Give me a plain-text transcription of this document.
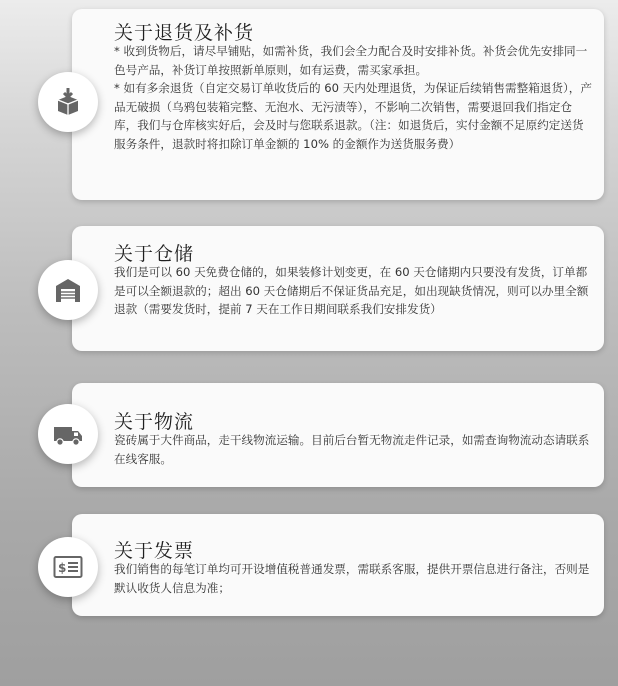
关于退货及补货

* 收到货物后，请尽早铺贴，如需补货，我们会全力配合及时安排补货。补货会优先安排同一色号产品，补货订单按照新单原则，如有运费，需买家承担。

* 如有多余退货（自定交易订单收货后的 60 天内处理退货，为保证后续销售需整箱退货），产品无破损（乌鸦包装箱完整、无泡水、无污渍等），不影响二次销售，需要退回我们指定仓库，我们与仓库核实好后，会及时与您联系退款。（注：如退货后，实付金额不足原约定送货服务条件，退款时将扣除订单金额的 10% 的金额作为送货服务费）

关于仓储

我们是可以 60 天免费仓储的，如果装修计划变更，在 60 天仓储期内只要没有发货，订单都是可以全额退款的；超出 60 天仓储期后不保证货品充足，如出现缺货情况，则可以办里全额退款（需要发货时，提前 7 天在工作日期间联系我们安排发货）

关于物流

瓷砖属于大件商品，走干线物流运输。目前后台暂无物流走件记录，如需查询物流动态请联系在线客服。

关于发票

我们销售的每笔订单均可开设增值税普通发票，需联系客服，提供开票信息进行备注，否则是默认收货人信息为准；

$
